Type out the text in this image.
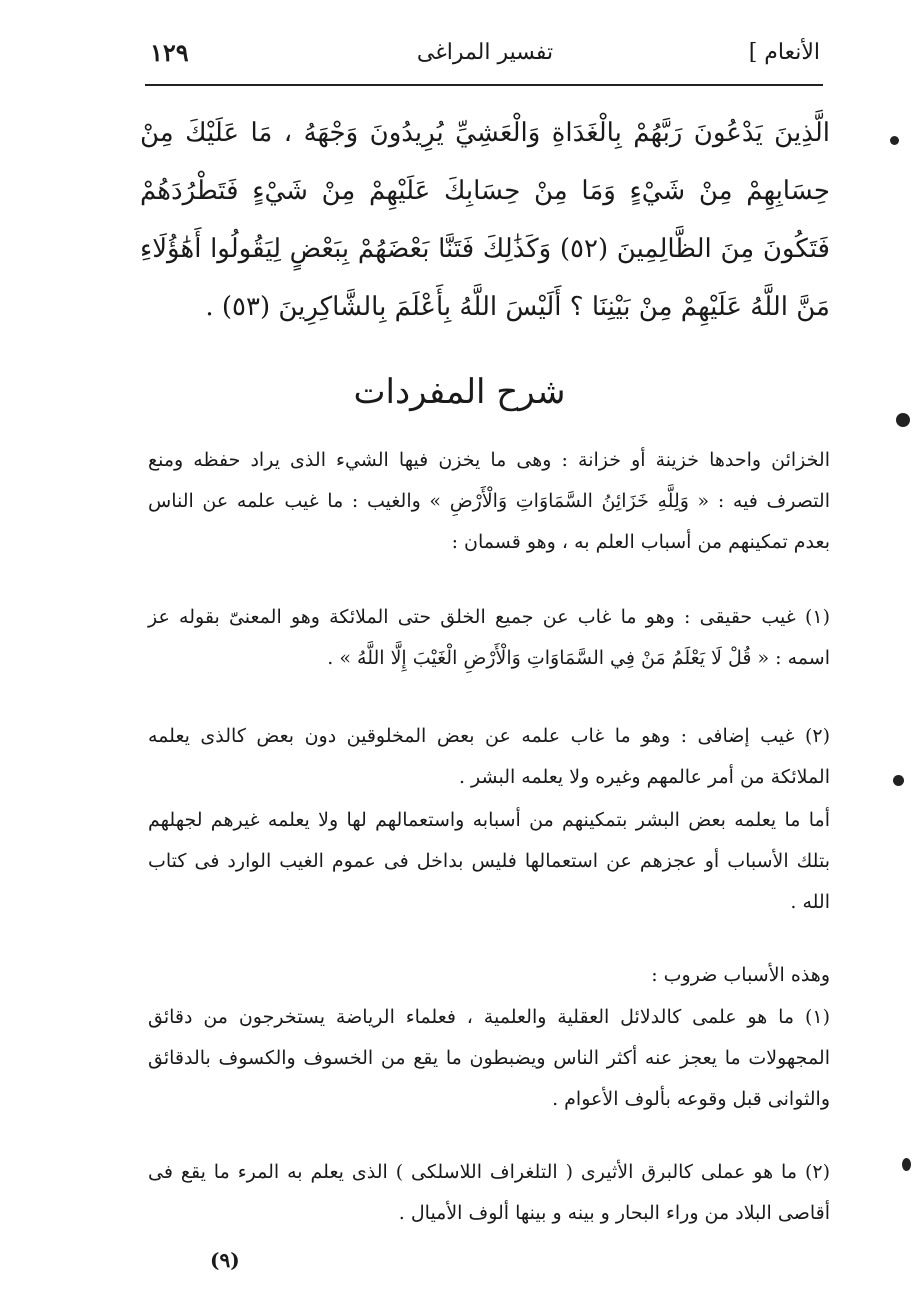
الأنعام ]
تفسير المراغى
١٢٩
الَّذِينَ يَدْعُونَ رَبَّهُمْ بِالْغَدَاةِ وَالْعَشِيِّ يُرِيدُونَ وَجْهَهُ ، مَا عَلَيْكَ مِنْ حِسَابِهِمْ مِنْ شَيْءٍ وَمَا مِنْ حِسَابِكَ عَلَيْهِمْ مِنْ شَيْءٍ فَتَطْرُدَهُمْ فَتَكُونَ مِنَ الظَّالِمِينَ (٥٢) وَكَذَٰلِكَ فَتَنَّا بَعْضَهُمْ بِبَعْضٍ لِيَقُولُوا أَهَٰؤُلَاءِ مَنَّ اللَّهُ عَلَيْهِمْ مِنْ بَيْنِنَا ؟ أَلَيْسَ اللَّهُ بِأَعْلَمَ بِالشَّاكِرِينَ (٥٣) .
شرح المفردات
الخزائن واحدها خزينة أو خزانة : وهى ما يخزن فيها الشيء الذى يراد حفظه ومنع التصرف فيه : « وَلِلَّهِ خَزَائِنُ السَّمَاوَاتِ وَالْأَرْضِ » والغيب : ما غيب علمه عن الناس بعدم تمكينهم من أسباب العلم به ، وهو قسمان :
(١) غيب حقيقى : وهو ما غاب عن جميع الخلق حتى الملائكة وهو المعنىّ بقوله عز اسمه : « قُلْ لَا يَعْلَمُ مَنْ فِي السَّمَاوَاتِ وَالْأَرْضِ الْغَيْبَ إِلَّا اللَّهُ » .
(٢) غيب إضافى : وهو ما غاب علمه عن بعض المخلوقين دون بعض كالذى يعلمه الملائكة من أمر عالمهم وغيره ولا يعلمه البشر .
أما ما يعلمه بعض البشر بتمكينهم من أسبابه واستعمالهم لها ولا يعلمه غيرهم لجهلهم بتلك الأسباب أو عجزهم عن استعمالها فليس بداخل فى عموم الغيب الوارد فى كتاب الله .
وهذه الأسباب ضروب :
(١) ما هو علمى كالدلائل العقلية والعلمية ، فعلماء الرياضة يستخرجون من دقائق المجهولات ما يعجز عنه أكثر الناس ويضبطون ما يقع من الخسوف والكسوف بالدقائق والثوانى قبل وقوعه بألوف الأعوام .
(٢) ما هو عملى كالبرق الأثيرى ( التلغراف اللاسلكى ) الذى يعلم به المرء ما يقع فى أقاصى البلاد من وراء البحار و بينه و بينها ألوف الأميال .
(٩)
